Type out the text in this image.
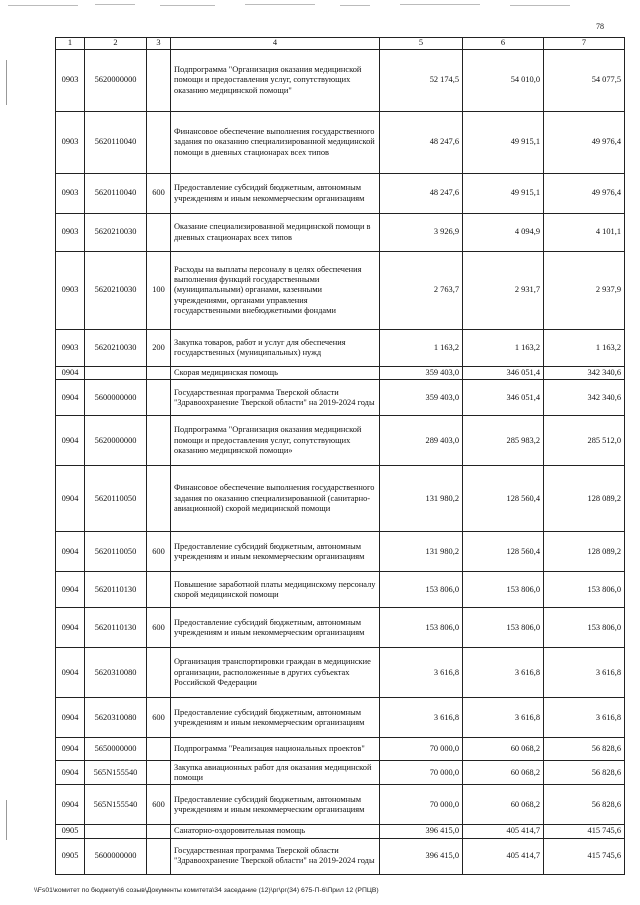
78
1	2	3	4	5	6	7
0903	5620000000		Подпрограмма "Организация оказания медицинской помощи и предоставления услуг, сопутствующих оказанию медицинской помощи"	52 174,5	54 010,0	54 077,5
0903	5620110040		Финансовое обеспечение выполнения государственного задания по оказанию специализированной медицинской помощи в дневных стационарах всех типов	48 247,6	49 915,1	49 976,4
0903	5620110040	600	Предоставление субсидий бюджетным, автономным учреждениям и иным некоммерческим организациям	48 247,6	49 915,1	49 976,4
0903	5620210030		Оказание специализированной медицинской помощи в дневных стационарах всех типов	3 926,9	4 094,9	4 101,1
0903	5620210030	100	Расходы на выплаты персоналу в целях обеспечения выполнения функций государственными (муниципальными) органами, казенными учреждениями, органами управления государственными внебюджетными фондами	2 763,7	2 931,7	2 937,9
0903	5620210030	200	Закупка товаров, работ и услуг для обеспечения государственных (муниципальных) нужд	1 163,2	1 163,2	1 163,2
0904			Скорая медицинская помощь	359 403,0	346 051,4	342 340,6
0904	5600000000		Государственная программа Тверской области "Здравоохранение Тверской области" на 2019-2024 годы	359 403,0	346 051,4	342 340,6
0904	5620000000		Подпрограмма "Организация оказания медицинской помощи и предоставления услуг, сопутствующих оказанию медицинской помощи»	289 403,0	285 983,2	285 512,0
0904	5620110050		Финансовое обеспечение выполнения государственного задания по оказанию специализированной (санитарно-авиационной) скорой медицинской помощи	131 980,2	128 560,4	128 089,2
0904	5620110050	600	Предоставление субсидий бюджетным, автономным учреждениям и иным некоммерческим организациям	131 980,2	128 560,4	128 089,2
0904	5620110130		Повышение заработной платы медицинскому персоналу скорой медицинской помощи	153 806,0	153 806,0	153 806,0
0904	5620110130	600	Предоставление субсидий бюджетным, автономным учреждениям и иным некоммерческим организациям	153 806,0	153 806,0	153 806,0
0904	5620310080		Организация транспортировки граждан в медицинские организации, расположенные в других субъектах Российской Федерации	3 616,8	3 616,8	3 616,8
0904	5620310080	600	Предоставление субсидий бюджетным, автономным учреждениям и иным некоммерческим организациям	3 616,8	3 616,8	3 616,8
0904	5650000000		Подпрограмма "Реализация национальных проектов"	70 000,0	60 068,2	56 828,6
0904	565N155540		Закупка авиационных работ для оказания медицинской помощи	70 000,0	60 068,2	56 828,6
0904	565N155540	600	Предоставление субсидий бюджетным, автономным учреждениям и иным некоммерческим организациям	70 000,0	60 068,2	56 828,6
0905			Санаторно-оздоровительная помощь	396 415,0	405 414,7	415 745,6
0905	5600000000		Государственная программа Тверской области "Здравоохранение Тверской области" на 2019-2024 годы	396 415,0	405 414,7	415 745,6
\\Fs01\комитет по бюджету\6 созыв\Документы комитета\34 заседание (12)\рг\рг(34) 675-П-6\Прил 12 (РПЦВ)
